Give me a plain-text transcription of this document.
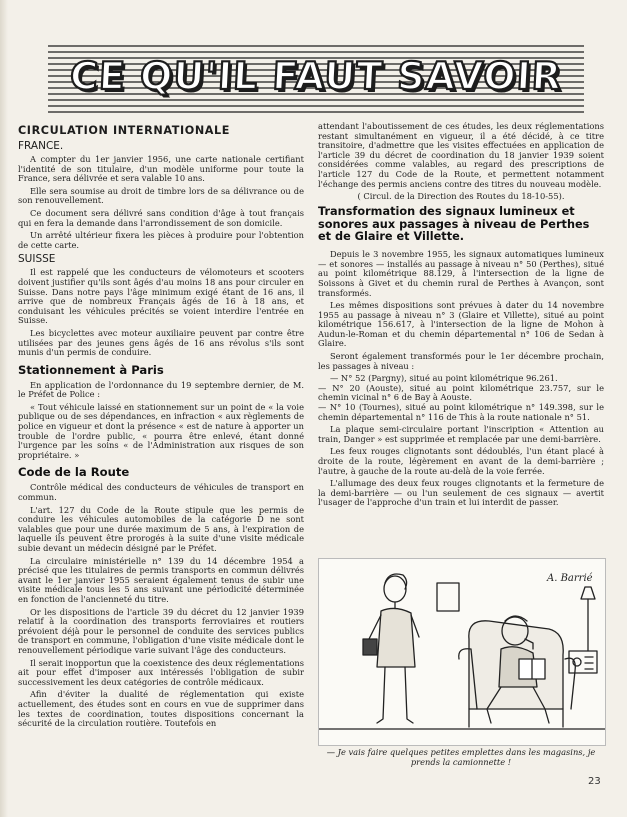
CE QU'IL FAUT SAVOIR
CIRCULATION INTERNATIONALE
FRANCE.

A compter du 1er janvier 1956, une carte nationale certifiant l'identité de son titulaire, d'un modèle uniforme pour toute la France, sera délivrée et sera valable 10 ans.

Elle sera soumise au droit de timbre lors de sa délivrance ou de son renouvellement.

Ce document sera délivré sans condition d'âge à tout français qui en fera la demande dans l'arrondissement de son domicile.

Un arrêté ultérieur fixera les pièces à produire pour l'obtention de cette carte.

SUISSE

Il est rappelé que les conducteurs de vélomoteurs et scooters doivent justifier qu'ils sont âgés d'au moins 18 ans pour circuler en Suisse. Dans notre pays l'âge minimum exigé étant de 16 ans, il arrive que de nombreux Français âgés de 16 à 18 ans, et conduisant les véhicules précités se voient interdire l'entrée en Suisse.

Les bicyclettes avec moteur auxiliaire peuvent par contre être utilisées par des jeunes gens âgés de 16 ans révolus s'ils sont munis d'un permis de conduire.

Stationnement à Paris

En application de l'ordonnance du 19 septembre dernier, de M. le Préfet de Police :

« Tout véhicule laissé en stationnement sur un point de « la voie publique ou de ses dépendances, en infraction « aux règlements de police en vigueur et dont la présence « est de nature à apporter un trouble de l'ordre public, « pourra être enlevé, étant donné l'urgence par les soins « de l'Administration aux risques de son propriétaire. »

Code de la Route

Contrôle médical des conducteurs de véhicules de transport en commun.

L'art. 127 du Code de la Route stipule que les permis de conduire les véhicules automobiles de la catégorie D ne sont valables que pour une durée maximum de 5 ans, à l'expiration de laquelle ils peuvent être prorogés à la suite d'une visite médicale subie devant un médecin désigné par le Préfet.

La circulaire ministérielle n° 139 du 14 décembre 1954 a précisé que les titulaires de permis transports en commun délivrés avant le 1er janvier 1955 seraient également tenus de subir une visite médicale tous les 5 ans suivant une périodicité déterminée en fonction de l'ancienneté du titre.

Or les dispositions de l'article 39 du décret du 12 janvier 1939 relatif à la coordination des transports ferroviaires et routiers prévoient déjà pour le personnel de conduite des services publics de transport en commune, l'obligation d'une visite médicale dont le renouvellement périodique varie suivant l'âge des conducteurs.

Il serait inopportun que la coexistence des deux réglementations ait pour effet d'imposer aux intéressés l'obligation de subir successivement les deux catégories de contrôle médicaux.

Afin d'éviter la dualité de réglementation qui existe actuellement, des études sont en cours en vue de supprimer dans les textes de coordination, toutes dispositions concernant la sécurité de la circulation routière. Toutefois en

attendant l'aboutissement de ces études, les deux réglementations restant simultanément en vigueur, il a été décidé, à ce titre transitoire, d'admettre que les visites effectuées en application de l'article 39 du décret de coordination du 18 janvier 1939 soient considérées comme valables, au regard des prescriptions de l'article 127 du Code de la Route, et permettent notamment l'échange des permis anciens contre des titres du nouveau modèle.

( Circul. de la Direction des Routes du 18-10-55).

Transformation des signaux lumineux et sonores aux passages à niveau de Perthes et de Glaire et Villette.

Depuis le 3 novembre 1955, les signaux automatiques lumineux — et sonores — installés au passage à niveau n° 50 (Perthes), situé au point kilométrique 88.129, à l'intersection de la ligne de Soissons à Givet et du chemin rural de Perthes à Avançon, sont transformés.

Les mêmes dispositions sont prévues à dater du 14 novembre 1955 au passage à niveau n° 3 (Glaire et Villette), situé au point kilométrique 156.617, à l'intersection de la ligne de Mohon à Audun-le-Roman et du chemin départemental n° 106 de Sedan à Glaire.

Seront également transformés pour le 1er décembre prochain, les passages à niveau :

— N° 52 (Pargny), situé au point kilométrique 96.261.
— N° 20 (Aouste), situé au point kilométrique 23.757, sur le chemin vicinal n° 6 de Bay à Aouste.
— N° 10 (Tournes), situé au point kilométrique n° 149.398, sur le chemin départemental n° 116 de This à la route nationale n° 51.

La plaque semi-circulaire portant l'inscription « Attention au train, Danger » est supprimée et remplacée par une demi-barrière.

Les feux rouges clignotants sont dédoublés, l'un étant placé à droite de la route, légèrement en avant de la demi-barrière ; l'autre, à gauche de la route au-delà de la voie ferrée.

L'allumage des deux feux rouges clignotants et la fermeture de la demi-barrière — ou l'un seulement de ces signaux — avertit l'usager de l'approche d'un train et lui interdit de passer.

A. Barrié
— Je vais faire quelques petites emplettes dans les magasins, je prends la camionnette !
23
